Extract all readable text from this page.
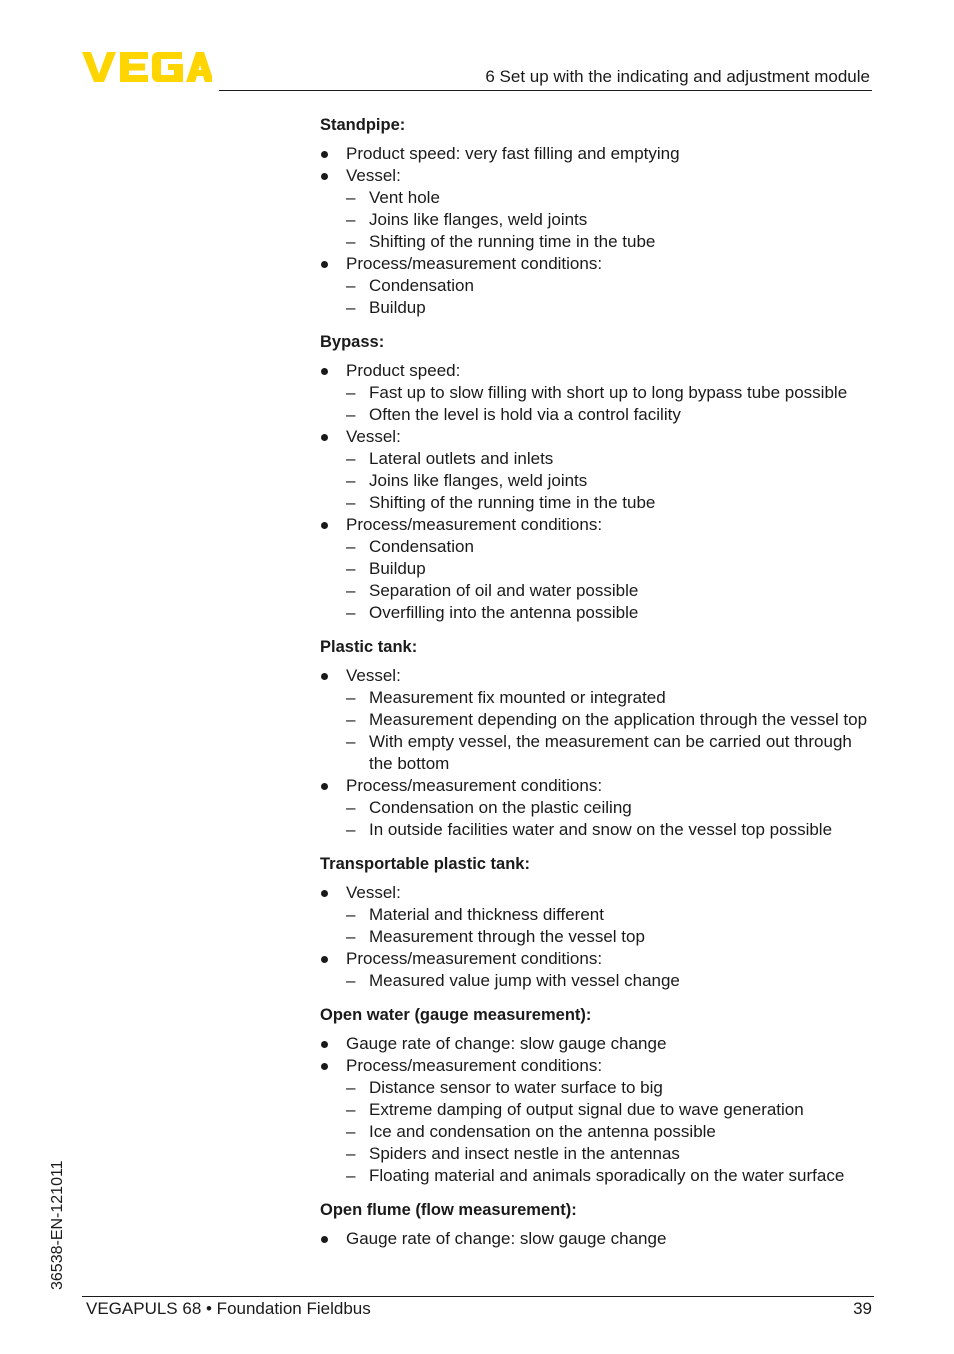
6 Set up with the indicating and adjustment module
Standpipe:
Product speed: very fast filling and emptying
Vessel:
– Vent hole
– Joins like flanges, weld joints
– Shifting of the running time in the tube
Process/measurement conditions:
– Condensation
– Buildup
Bypass:
Product speed:
– Fast up to slow filling with short up to long bypass tube possible
– Often the level is hold via a control facility
Vessel:
– Lateral outlets and inlets
– Joins like flanges, weld joints
– Shifting of the running time in the tube
Process/measurement conditions:
– Condensation
– Buildup
– Separation of oil and water possible
– Overfilling into the antenna possible
Plastic tank:
Vessel:
– Measurement fix mounted or integrated
– Measurement depending on the application through the vessel top
– With empty vessel, the measurement can be carried out through the bottom
Process/measurement conditions:
– Condensation on the plastic ceiling
– In outside facilities water and snow on the vessel top possible
Transportable plastic tank:
Vessel:
– Material and thickness different
– Measurement through the vessel top
Process/measurement conditions:
– Measured value jump with vessel change
Open water (gauge measurement):
Gauge rate of change: slow gauge change
Process/measurement conditions:
– Distance sensor to water surface to big
– Extreme damping of output signal due to wave generation
– Ice and condensation on the antenna possible
– Spiders and insect nestle in the antennas
– Floating material and animals sporadically on the water surface
Open flume (flow measurement):
Gauge rate of change: slow gauge change
36538-EN-121011
VEGAPULS 68 • Foundation Fieldbus	39
